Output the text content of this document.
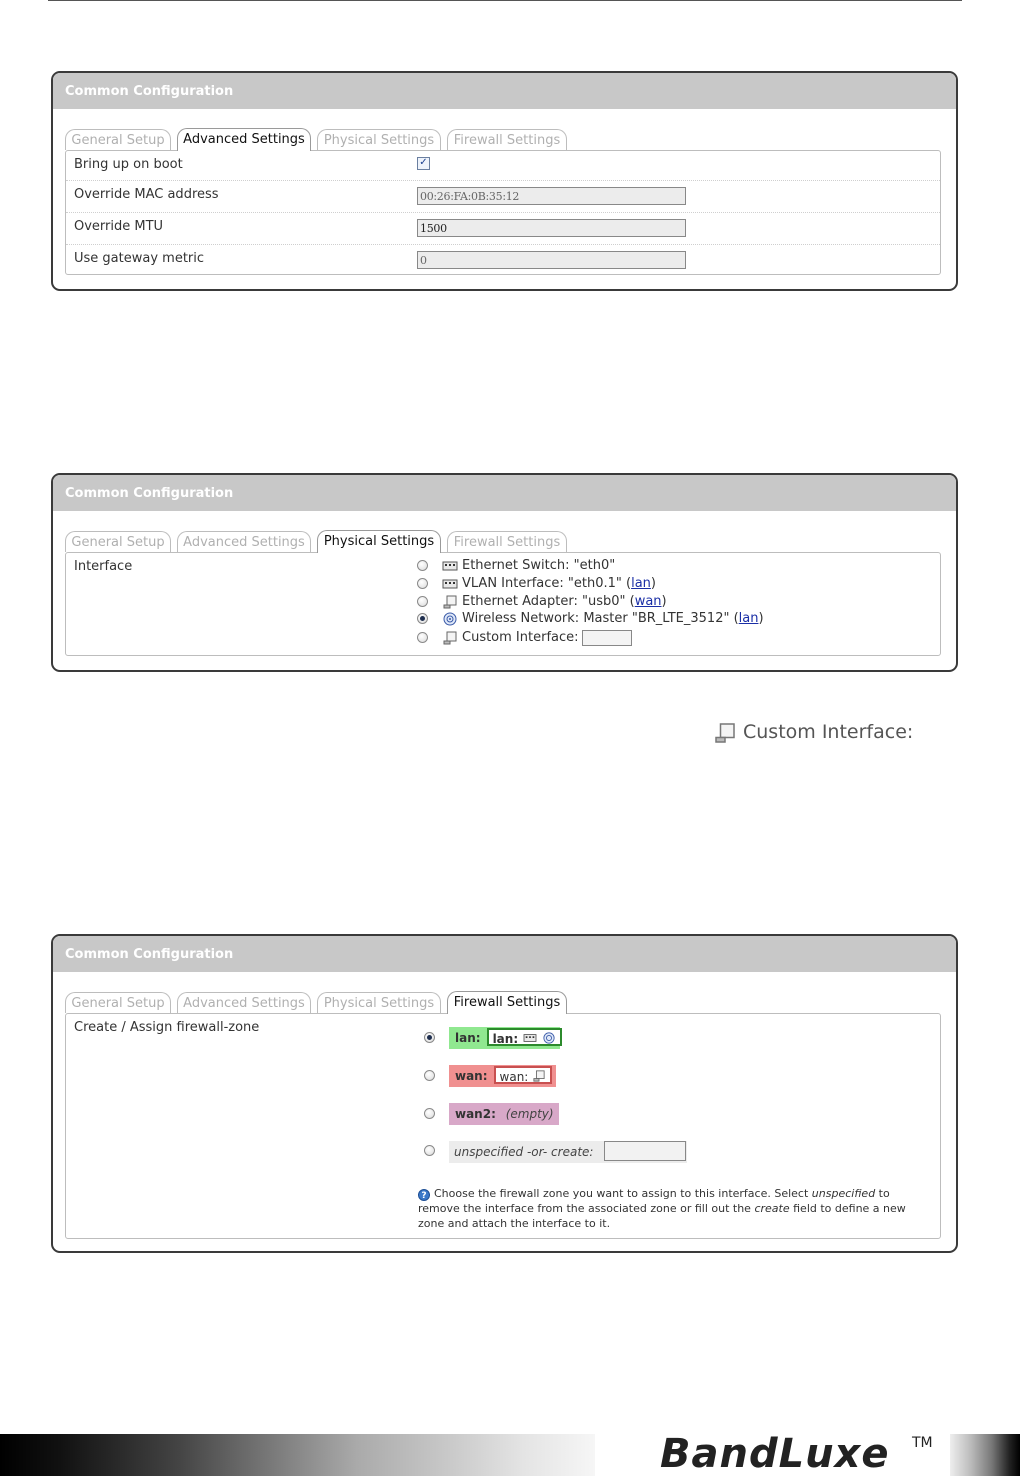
Common Configuration
General Setup	Advanced Settings	Physical Settings	Firewall Settings
Bring up on boot	✓
Override MAC address	00:26:FA:0B:35:12
Override MTU	1500
Use gateway metric	0
Common Configuration
General Setup	Advanced Settings	Physical Settings	Firewall Settings
Interface	Ethernet Switch: "eth0"
VLAN Interface: "eth0.1" (lan)
Ethernet Adapter: "usb0" (wan)
Wireless Network: Master "BR_LTE_3512" (lan)
Custom Interface:
Custom Interface:
Common Configuration
General Setup	Advanced Settings	Physical Settings	Firewall Settings
Create / Assign firewall-zone
lan: lan:
wan: wan:
wan2: (empty)
unspecified -or- create:
? Choose the firewall zone you want to assign to this interface. Select unspecified to remove the interface from the associated zone or fill out the create field to define a new zone and attach the interface to it.
BandLuxe TM
